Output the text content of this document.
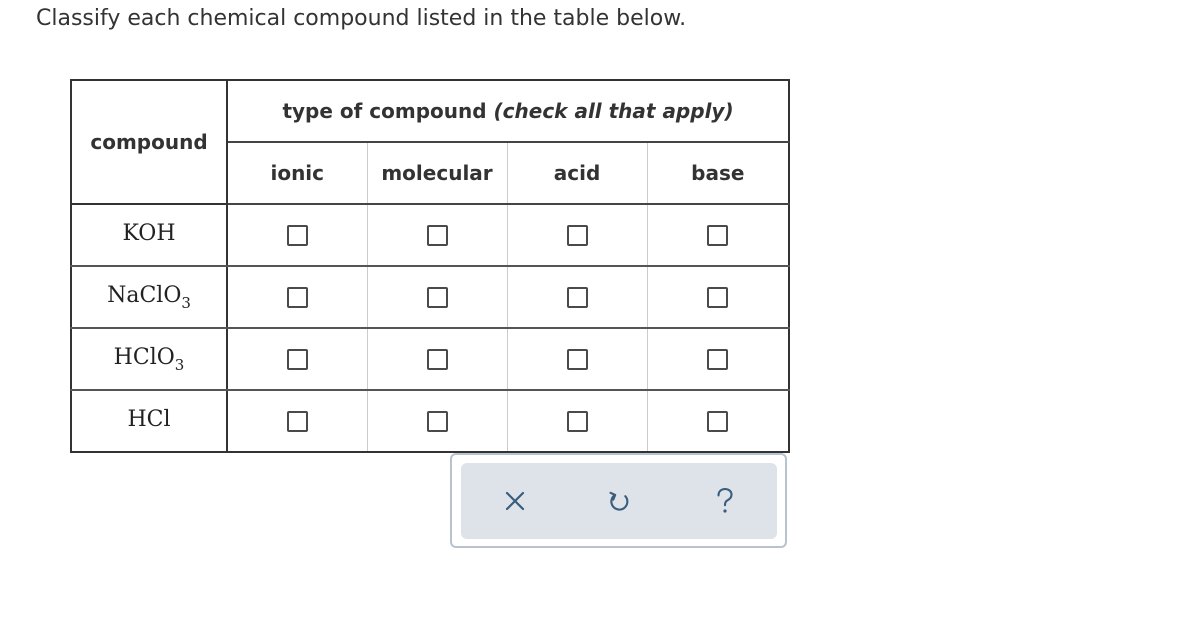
Classify each chemical compound listed in the table below.
compound	type of compound (check all that apply)			
	ionic	molecular	acid	base
KOH				
NaClO$_3$				
HClO$_3$				
HCl				
